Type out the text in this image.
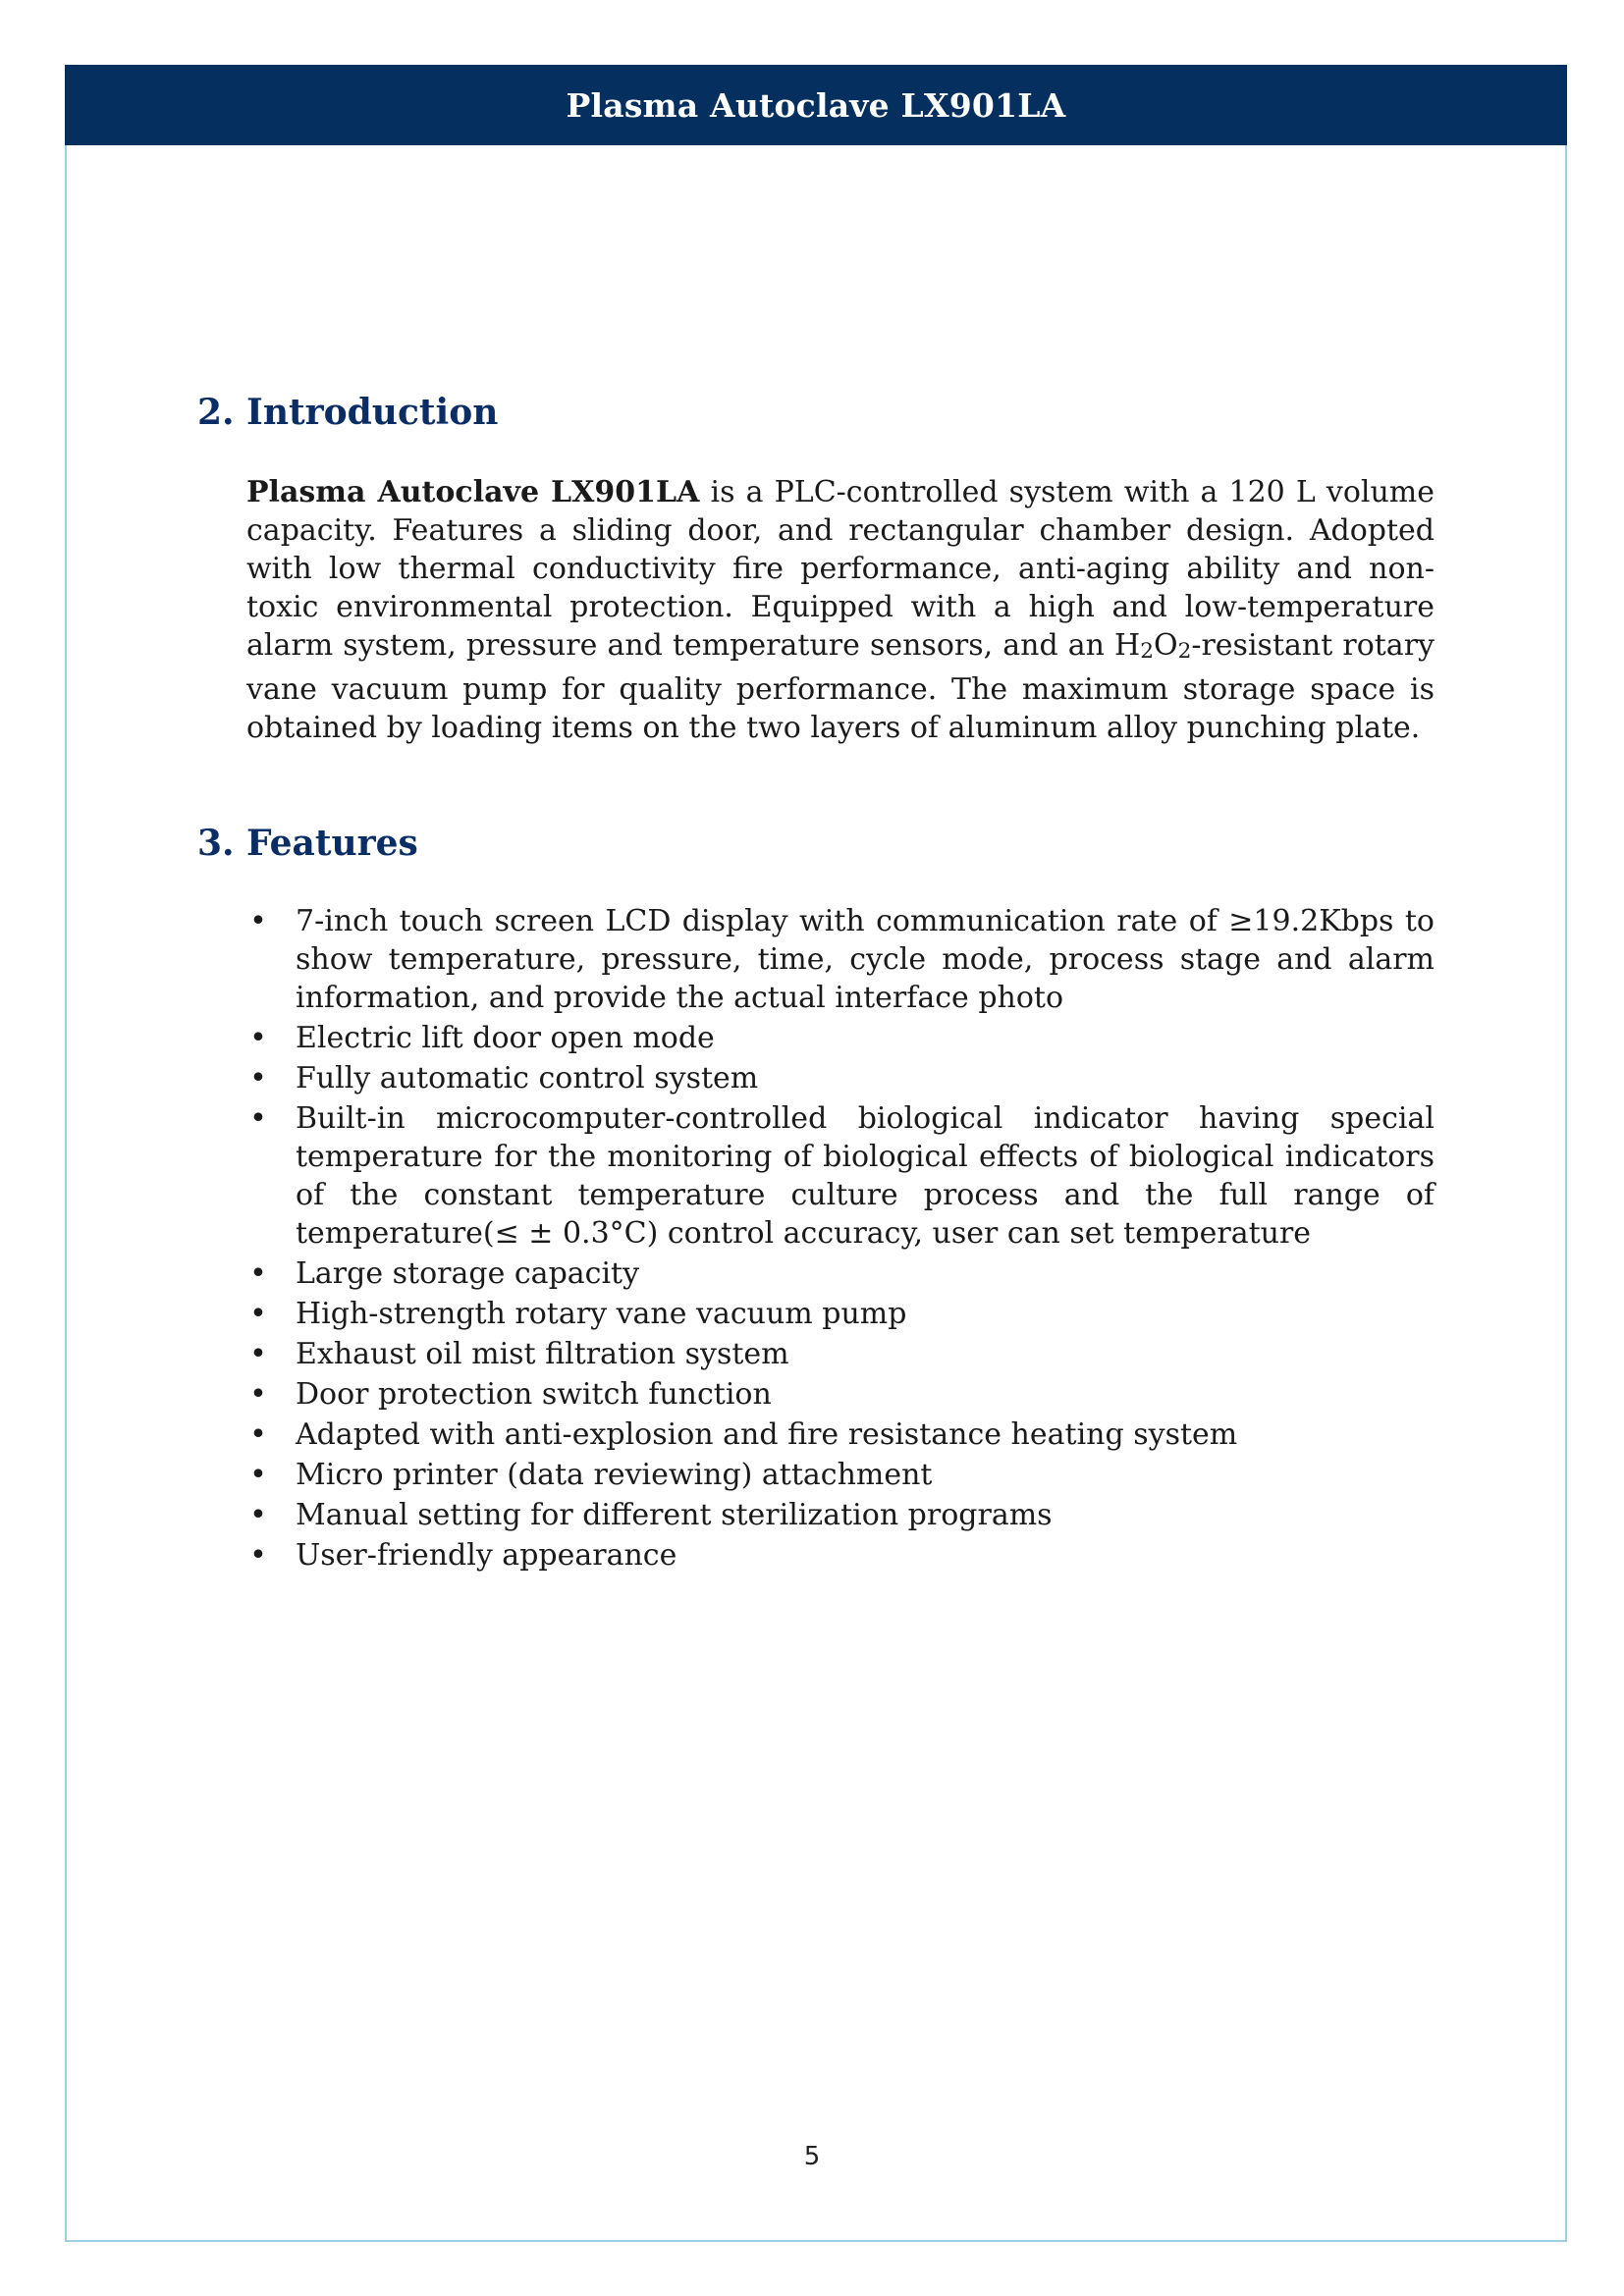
Plasma Autoclave LX901LA
2. Introduction

Plasma Autoclave LX901LA is a PLC-controlled system with a 120 L volume capacity. Features a sliding door, and rectangular chamber design. Adopted with low thermal conductivity fire performance, anti-aging ability and non-toxic environmental protection. Equipped with a high and low-temperature alarm system, pressure and temperature sensors, and an $H_2O_2$-resistant rotary vane vacuum pump for quality performance. The maximum storage space is obtained by loading items on the two layers of aluminum alloy punching plate.

3. Features
• 7-inch touch screen LCD display with communication rate of ≥19.2Kbps to show temperature, pressure, time, cycle mode, process stage and alarm information, and provide the actual interface photo
• Electric lift door open mode
• Fully automatic control system
• Built-in microcomputer-controlled biological indicator having special temperature for the monitoring of biological effects of biological indicators of the constant temperature culture process and the full range of temperature(≤ ± 0.3°C) control accuracy, user can set temperature
• Large storage capacity
• High-strength rotary vane vacuum pump
• Exhaust oil mist filtration system
• Door protection switch function
• Adapted with anti-explosion and fire resistance heating system
• Micro printer (data reviewing) attachment
• Manual setting for different sterilization programs
• User-friendly appearance
5
